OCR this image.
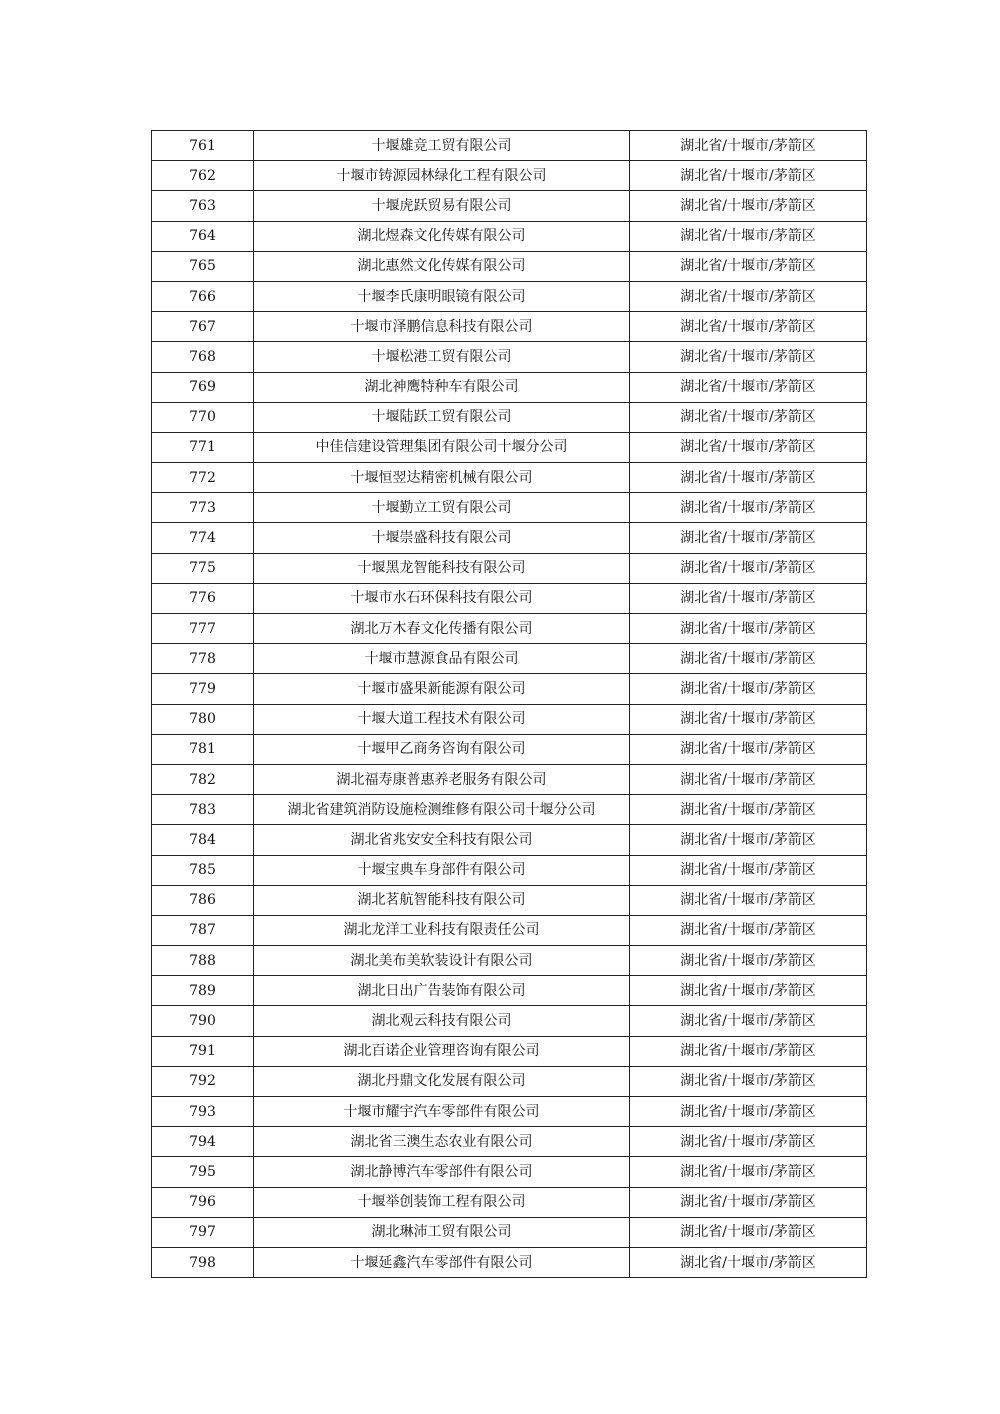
761	十堰雄竞工贸有限公司	湖北省/十堰市/茅箭区
762	十堰市铸源园林绿化工程有限公司	湖北省/十堰市/茅箭区
763	十堰虎跃贸易有限公司	湖北省/十堰市/茅箭区
764	湖北煜森文化传媒有限公司	湖北省/十堰市/茅箭区
765	湖北惠然文化传媒有限公司	湖北省/十堰市/茅箭区
766	十堰李氏康明眼镜有限公司	湖北省/十堰市/茅箭区
767	十堰市泽鹏信息科技有限公司	湖北省/十堰市/茅箭区
768	十堰松港工贸有限公司	湖北省/十堰市/茅箭区
769	湖北神鹰特种车有限公司	湖北省/十堰市/茅箭区
770	十堰陆跃工贸有限公司	湖北省/十堰市/茅箭区
771	中佳信建设管理集团有限公司十堰分公司	湖北省/十堰市/茅箭区
772	十堰恒翌达精密机械有限公司	湖北省/十堰市/茅箭区
773	十堰勤立工贸有限公司	湖北省/十堰市/茅箭区
774	十堰崇盛科技有限公司	湖北省/十堰市/茅箭区
775	十堰黑龙智能科技有限公司	湖北省/十堰市/茅箭区
776	十堰市水石环保科技有限公司	湖北省/十堰市/茅箭区
777	湖北万木春文化传播有限公司	湖北省/十堰市/茅箭区
778	十堰市慧源食品有限公司	湖北省/十堰市/茅箭区
779	十堰市盛果新能源有限公司	湖北省/十堰市/茅箭区
780	十堰大道工程技术有限公司	湖北省/十堰市/茅箭区
781	十堰甲乙商务咨询有限公司	湖北省/十堰市/茅箭区
782	湖北福寿康普惠养老服务有限公司	湖北省/十堰市/茅箭区
783	湖北省建筑消防设施检测维修有限公司十堰分公司	湖北省/十堰市/茅箭区
784	湖北省兆安安全科技有限公司	湖北省/十堰市/茅箭区
785	十堰宝典车身部件有限公司	湖北省/十堰市/茅箭区
786	湖北茗航智能科技有限公司	湖北省/十堰市/茅箭区
787	湖北龙洋工业科技有限责任公司	湖北省/十堰市/茅箭区
788	湖北美布美软装设计有限公司	湖北省/十堰市/茅箭区
789	湖北日出广告装饰有限公司	湖北省/十堰市/茅箭区
790	湖北观云科技有限公司	湖北省/十堰市/茅箭区
791	湖北百诺企业管理咨询有限公司	湖北省/十堰市/茅箭区
792	湖北丹鼎文化发展有限公司	湖北省/十堰市/茅箭区
793	十堰市耀宇汽车零部件有限公司	湖北省/十堰市/茅箭区
794	湖北省三澳生态农业有限公司	湖北省/十堰市/茅箭区
795	湖北静博汽车零部件有限公司	湖北省/十堰市/茅箭区
796	十堰举创装饰工程有限公司	湖北省/十堰市/茅箭区
797	湖北琳沛工贸有限公司	湖北省/十堰市/茅箭区
798	十堰延鑫汽车零部件有限公司	湖北省/十堰市/茅箭区
